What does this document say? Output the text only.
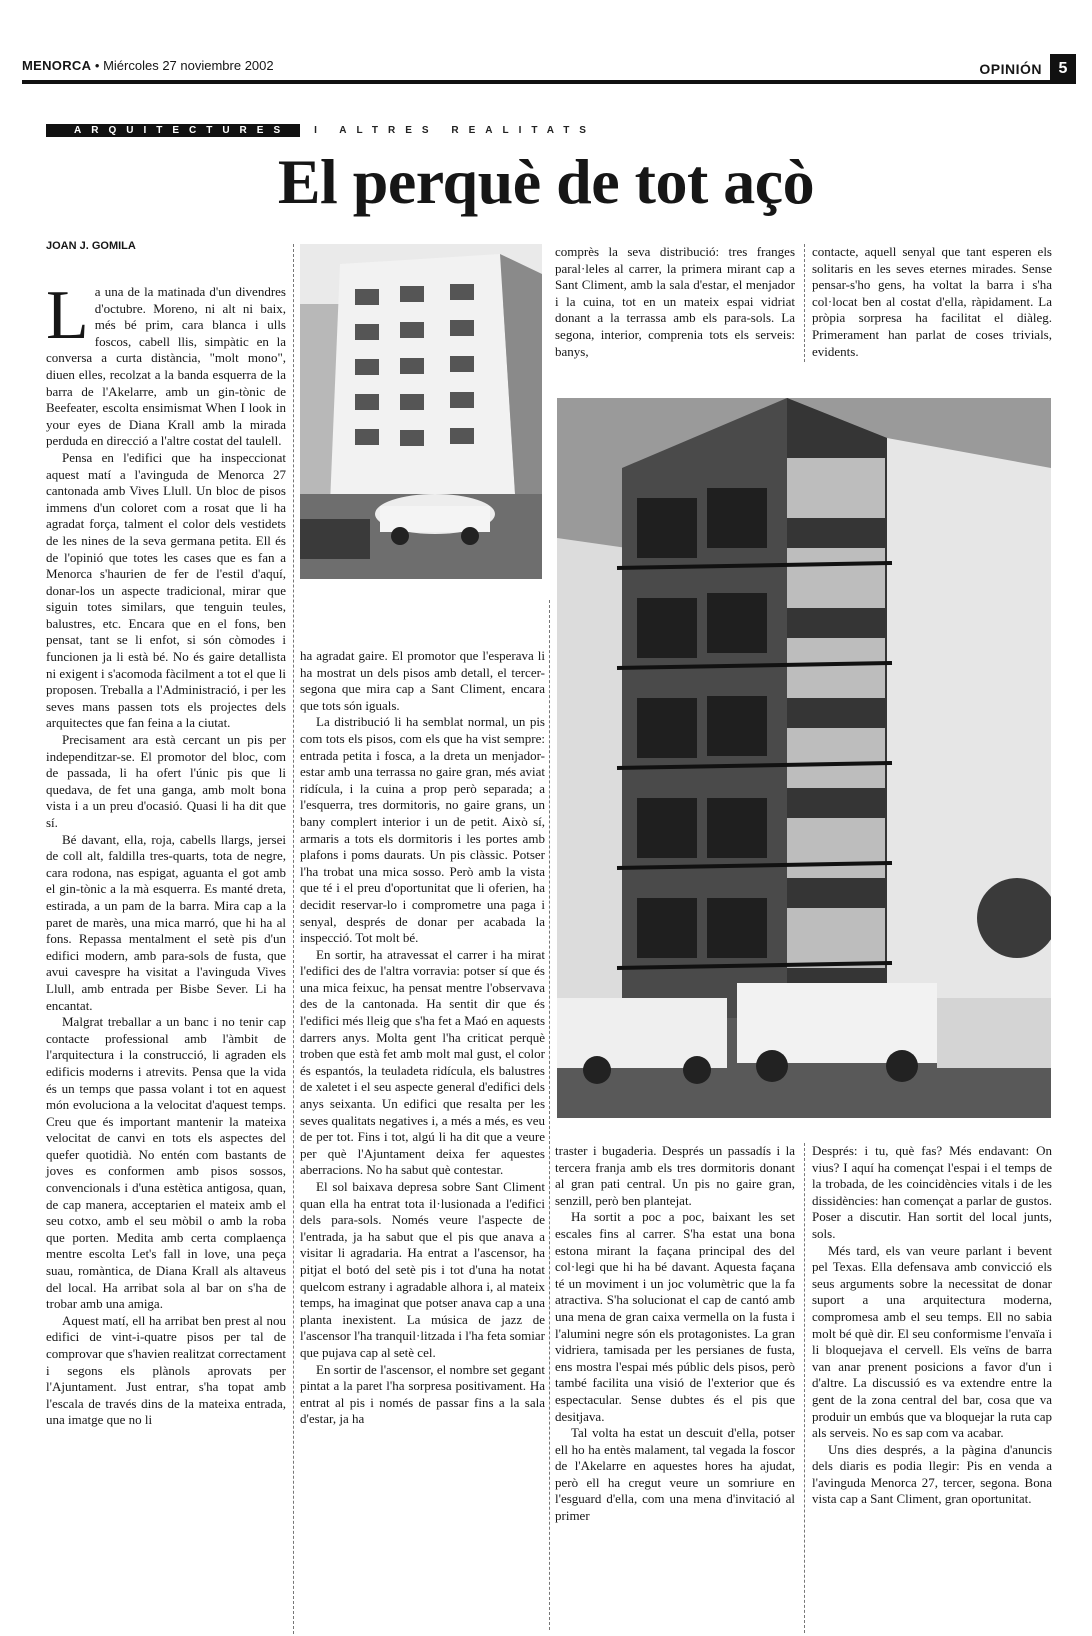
MENORCA • Miércoles 27 noviembre 2002	OPINIÓN	5
ARQUITECTURES	I ALTRES REALITATS
El perquè de tot açò
JOAN J. GOMILA

L a una de la matinada d'un divendres d'octubre. Moreno, ni alt ni baix, més bé prim, cara blanca i ulls foscos, cabell llis, simpàtic en la conversa a curta distància, "molt mono", diuen elles, recolzat a la banda esquerra de la barra de l'Akelarre, amb un gin-tònic de Beefeater, escolta ensimismat When I look in your eyes de Diana Krall amb la mirada perduda en direcció a l'altre costat del taulell.

Pensa en l'edifici que ha inspeccionat aquest matí a l'avinguda de Menorca 27 cantonada amb Vives Llull. Un bloc de pisos immens d'un coloret com a rosat que li ha agradat força, talment el color dels vestidets de les nines de la seva germana petita. Ell és de l'opinió que totes les cases que es fan a Menorca s'haurien de fer de l'estil d'aquí, donar-los un aspecte tradicional, mirar que siguin totes similars, que tenguin teules, balustres, etc. Encara que en el fons, ben pensat, tant se li enfot, si són còmodes i funcionen ja li està bé. No és gaire detallista ni exigent i s'acomoda fàcilment a tot el que li proposen. Treballa a l'Administració, i per les seves mans passen tots els projectes dels arquitectes que fan feina a la ciutat.

Precisament ara està cercant un pis per independitzar-se. El promotor del bloc, com de passada, li ha ofert l'únic pis que li quedava, de fet una ganga, amb molt bona vista i a un preu d'ocasió. Quasi li ha dit que sí.

Bé davant, ella, roja, cabells llargs, jersei de coll alt, faldilla tres-quarts, tota de negre, cara rodona, nas espigat, aguanta el got amb el gin-tònic a la mà esquerra. Es manté dreta, estirada, a un pam de la barra. Mira cap a la paret de marès, una mica marró, que hi ha al fons. Repassa mentalment el setè pis d'un edifici modern, amb para-sols de fusta, que avui cavespre ha visitat a l'avinguda Vives Llull, amb entrada per Bisbe Sever. Li ha encantat.

Malgrat treballar a un banc i no tenir cap contacte professional amb l'àmbit de l'arquitectura i la construcció, li agraden els edificis moderns i atrevits. Pensa que la vida és un temps que passa volant i tot en aquest món evoluciona a la velocitat d'aquest temps. Creu que és important mantenir la mateixa velocitat de canvi en tots els aspectes del quefer quotidià. No entén com bastants de joves es conformen amb pisos sossos, convencionals i d'una estètica antigosa, quan, de cap manera, acceptarien el mateix amb el seu cotxo, amb el seu mòbil o amb la roba que porten. Medita amb certa complaença mentre escolta Let's fall in love, una peça suau, romàntica, de Diana Krall als altaveus del local. Ha arribat sola al bar on s'ha de trobar amb una amiga.

Aquest matí, ell ha arribat ben prest al nou edifici de vint-i-quatre pisos per tal de comprovar que s'havien realitzat correctament i segons els plànols aprovats per l'Ajuntament. Just entrar, s'ha topat amb l'escala de través dins de la mateixa entrada, una imatge que no li

ha agradat gaire. El promotor que l'esperava li ha mostrat un dels pisos amb detall, el tercer-segona que mira cap a Sant Climent, encara que tots són iguals.

La distribució li ha semblat normal, un pis com tots els pisos, com els que ha vist sempre: entrada petita i fosca, a la dreta un menjador-estar amb una terrassa no gaire gran, més aviat ridícula, i la cuina a prop però separada; a l'esquerra, tres dormitoris, no gaire grans, un bany complert interior i un de petit. Això sí, armaris a tots els dormitoris i les portes amb plafons i poms daurats. Un pis clàssic. Potser l'ha trobat una mica sosso. Però amb la vista que té i el preu d'oportunitat que li oferien, ha decidit reservar-lo i comprometre una paga i senyal, després de donar per acabada la inspecció. Tot molt bé.

En sortir, ha atravessat el carrer i ha mirat l'edifici des de l'altra vorravia: potser sí que és una mica feixuc, ha pensat mentre l'observava des de la cantonada. Ha sentit dir que és l'edifici més lleig que s'ha fet a Maó en aquests darrers anys. Molta gent l'ha criticat perquè troben que està fet amb molt mal gust, el color és espantós, la teuladeta ridícula, els balustres de xaletet i el seu aspecte general d'edifici dels anys seixanta. Un edifici que resalta per les seves qualitats negatives i, a més a més, es veu de per tot. Fins i tot, algú li ha dit que a veure per què l'Ajuntament deixa fer aquestes aberracions. No ha sabut què contestar.

El sol baixava depresa sobre Sant Climent quan ella ha entrat tota il·lusionada a l'edifici dels para-sols. Només veure l'aspecte de l'entrada, ja ha sabut que el pis que anava a visitar li agradaria. Ha entrat a l'ascensor, ha pitjat el botó del setè pis i tot d'una ha notat quelcom estrany i agradable alhora i, al mateix temps, ha imaginat que potser anava cap a una planta inexistent. La música de jazz de l'ascensor l'ha tranquil·litzada i l'ha feta somiar que pujava cap al setè cel.

En sortir de l'ascensor, el nombre set gegant pintat a la paret l'ha sorpresa positivament. Ha entrat al pis i només de passar fins a la sala d'estar, ja ha

comprès la seva distribució: tres franges paral·leles al carrer, la primera mirant cap a Sant Climent, amb la sala d'estar, el menjador i la cuina, tot en un mateix espai vidriat donant a la terrassa amb els para-sols. La segona, interior, comprenia tots els serveis: banys,

contacte, aquell senyal que tant esperen els solitaris en les seves eternes mirades. Sense pensar-s'ho gens, ha voltat la barra i s'ha col·locat ben al costat d'ella, ràpidament. La pròpia sorpresa ha facilitat el diàleg. Primerament han parlat de coses trivials, evidents.

traster i bugaderia. Després un passadís i la tercera franja amb els tres dormitoris donant al gran pati central. Un pis no gaire gran, senzill, però ben plantejat.

Ha sortit a poc a poc, baixant les set escales fins al carrer. S'ha estat una bona estona mirant la façana principal des del col·legi que hi ha bé davant. Aquesta façana té un moviment i un joc volumètric que la fa atractiva. S'ha solucionat el cap de cantó amb una mena de gran caixa vermella on la fusta i l'alumini negre són els protagonistes. La gran vidriera, tamisada per les persianes de fusta, ens mostra l'espai més públic dels pisos, però també facilita una visió de l'exterior que és espectacular. Sense dubtes és el pis que desitjava.

Tal volta ha estat un descuit d'ella, potser ell ho ha entès malament, tal vegada la foscor de l'Akelarre en aquestes hores ha ajudat, però ell ha cregut veure un somriure en l'esguard d'ella, com una mena d'invitació al primer

Després: i tu, què fas? Més endavant: On vius? I aquí ha començat l'espai i el temps de la trobada, de les coincidències vitals i de les dissidències: han començat a parlar de gustos. Poser a discutir. Han sortit del local junts, sols.

Més tard, els van veure parlant i bevent pel Texas. Ella defensava amb convicció els seus arguments sobre la necessitat de donar suport a una arquitectura moderna, compromesa amb el seu temps. Ell no sabia molt bé què dir. El seu conformisme l'envaïa i li bloquejava el cervell. Els veïns de barra van anar prenent posicions a favor d'un i d'altre. La discussió es va extendre entre la gent de la zona central del bar, cosa que va produir un embús que va bloquejar la ruta cap als serveis. No es sap com va acabar.

Uns dies després, a la pàgina d'anuncis dels diaris es podia llegir: Pis en venda a l'avinguda Menorca 27, tercer, segona. Bona vista cap a Sant Climent, gran oportunitat.
